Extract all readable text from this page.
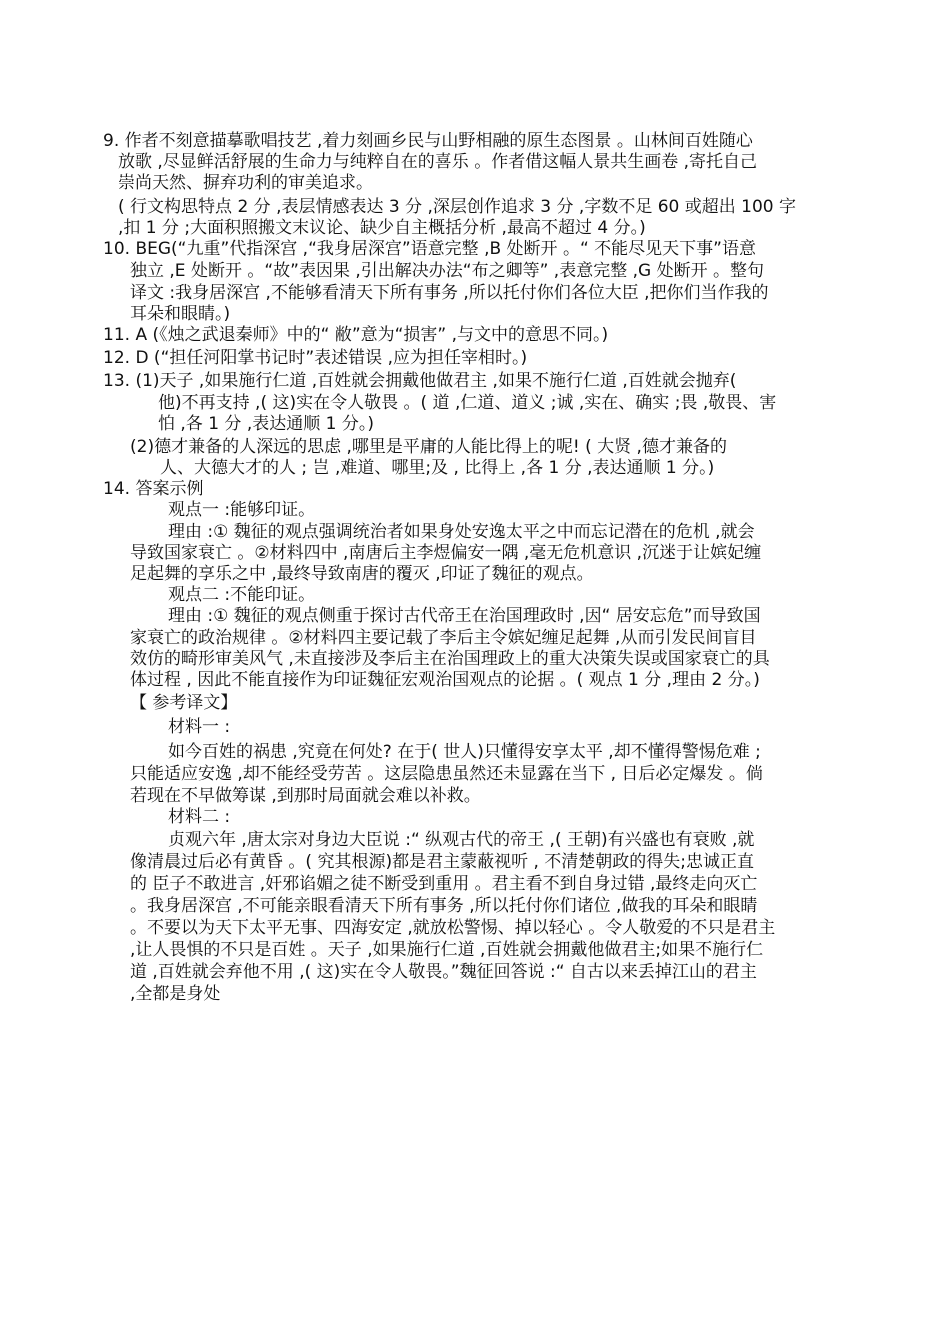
9. 作者不刻意描摹歌唱技艺 ,着力刻画乡民与山野相融的原生态图景 。山林间百姓随心
放歌 ,尽显鲜活舒展的生命力与纯粹自在的喜乐 。作者借这幅人景共生画卷 ,寄托自己
崇尚天然、摒弃功利的审美追求。
( 行文构思特点 2 分 ,表层情感表达 3 分 ,深层创作追求 3 分 ,字数不足 60 或超出 100 字
,扣 1 分 ;大面积照搬文末议论、缺少自主概括分析 ,最高不超过 4 分。)
10. BEG(“九重”代指深宫 ,“我身居深宫”语意完整 ,B 处断开 。“ 不能尽见天下事”语意
独立 ,E 处断开 。“故”表因果 ,引出解决办法“布之卿等” ,表意完整 ,G 处断开 。整句
译文 :我身居深宫 ,不能够看清天下所有事务 ,所以托付你们各位大臣 ,把你们当作我的
耳朵和眼睛。)
11. A (《烛之武退秦师》中的“ 敝”意为“损害” ,与文中的意思不同。)
12. D (“担任河阳掌书记时”表述错误 ,应为担任宰相时。)
13. (1)天子 ,如果施行仁道 ,百姓就会拥戴他做君主 ,如果不施行仁道 ,百姓就会抛弃(
他)不再支持 ,( 这)实在令人敬畏 。( 道 ,仁道、道义 ;诚 ,实在、确实 ;畏 ,敬畏、害
怕 ,各 1 分 ,表达通顺 1 分。)
(2)德才兼备的人深远的思虑 ,哪里是平庸的人能比得上的呢! ( 大贤 ,德才兼备的
人、大德大才的人 ; 岂 ,难道、哪里;及 , 比得上 ,各 1 分 ,表达通顺 1 分。)
14. 答案示例
观点一 :能够印证。
理由 :① 魏征的观点强调统治者如果身处安逸太平之中而忘记潜在的危机 ,就会
导致国家衰亡 。②材料四中 ,南唐后主李煜偏安一隅 ,毫无危机意识 ,沉迷于让嫔妃缠
足起舞的享乐之中 ,最终导致南唐的覆灭 ,印证了魏征的观点。
观点二 :不能印证。
理由 :① 魏征的观点侧重于探讨古代帝王在治国理政时 ,因“ 居安忘危”而导致国
家衰亡的政治规律 。②材料四主要记载了李后主令嫔妃缠足起舞 ,从而引发民间盲目
效仿的畸形审美风气 ,未直接涉及李后主在治国理政上的重大决策失误或国家衰亡的具
体过程 , 因此不能直接作为印证魏征宏观治国观点的论据 。( 观点 1 分 ,理由 2 分。)
【 参考译文】
材料一 :
如今百姓的祸患 ,究竟在何处? 在于( 世人)只懂得安享太平 ,却不懂得警惕危难 ;
只能适应安逸 ,却不能经受劳苦 。这层隐患虽然还未显露在当下 , 日后必定爆发 。倘
若现在不早做筹谋 ,到那时局面就会难以补救。
材料二 :
贞观六年 ,唐太宗对身边大臣说 :“ 纵观古代的帝王 ,( 王朝)有兴盛也有衰败 ,就
像清晨过后必有黄昏 。( 究其根源)都是君主蒙蔽视听 , 不清楚朝政的得失;忠诚正直
的 臣子不敢进言 ,奸邪谄媚之徒不断受到重用 。君主看不到自身过错 ,最终走向灭亡
。我身居深宫 ,不可能亲眼看清天下所有事务 ,所以托付你们诸位 ,做我的耳朵和眼睛
。不要以为天下太平无事、四海安定 ,就放松警惕、掉以轻心 。令人敬爱的不只是君主
,让人畏惧的不只是百姓 。天子 ,如果施行仁道 ,百姓就会拥戴他做君主;如果不施行仁
道 ,百姓就会弃他不用 ,( 这)实在令人敬畏。”魏征回答说 :“ 自古以来丢掉江山的君主
,全都是身处
